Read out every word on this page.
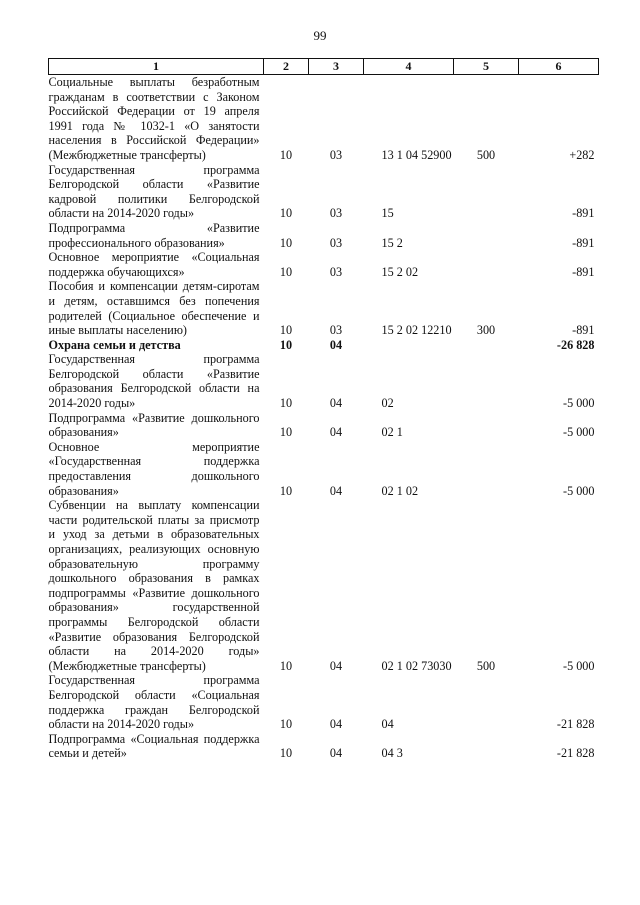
99
1	2	3	4	5	6
Социальные выплаты безработным гражданам в соответствии с Законом Российской Федерации от 19 апреля 1991 года № 1032-1 «О занятости населения в Российской Федерации» (Межбюджетные трансферты)	10	03	13 1 04 52900	500	+282
Государственная программа Белгородской области «Развитие кадровой политики Белгородской области на 2014-2020 годы»	10	03	15		-891
Подпрограмма «Развитие профессионального образования»	10	03	15 2		-891
Основное мероприятие «Социальная поддержка обучающихся»	10	03	15 2 02		-891
Пособия и компенсации детям-сиротам и детям, оставшимся без попечения родителей (Социальное обеспечение и иные выплаты населению)	10	03	15 2 02 12210	300	-891
Охрана семьи и детства	10	04			-26 828
Государственная программа Белгородской области «Развитие образования Белгородской области на 2014-2020 годы»	10	04	02		-5 000
Подпрограмма «Развитие дошкольного образования»	10	04	02 1		-5 000
Основное мероприятие «Государственная поддержка предоставления дошкольного образования»	10	04	02 1 02		-5 000
Субвенции на выплату компенсации части родительской платы за присмотр и уход за детьми в образовательных организациях, реализующих основную образовательную программу дошкольного образования в рамках подпрограммы «Развитие дошкольного образования» государственной программы Белгородской области «Развитие образования Белгородской области на 2014-2020 годы» (Межбюджетные трансферты)	10	04	02 1 02 73030	500	-5 000
Государственная программа Белгородской области «Социальная поддержка граждан Белгородской области на 2014-2020 годы»	10	04	04		-21 828
Подпрограмма «Социальная поддержка семьи и детей»	10	04	04 3		-21 828
